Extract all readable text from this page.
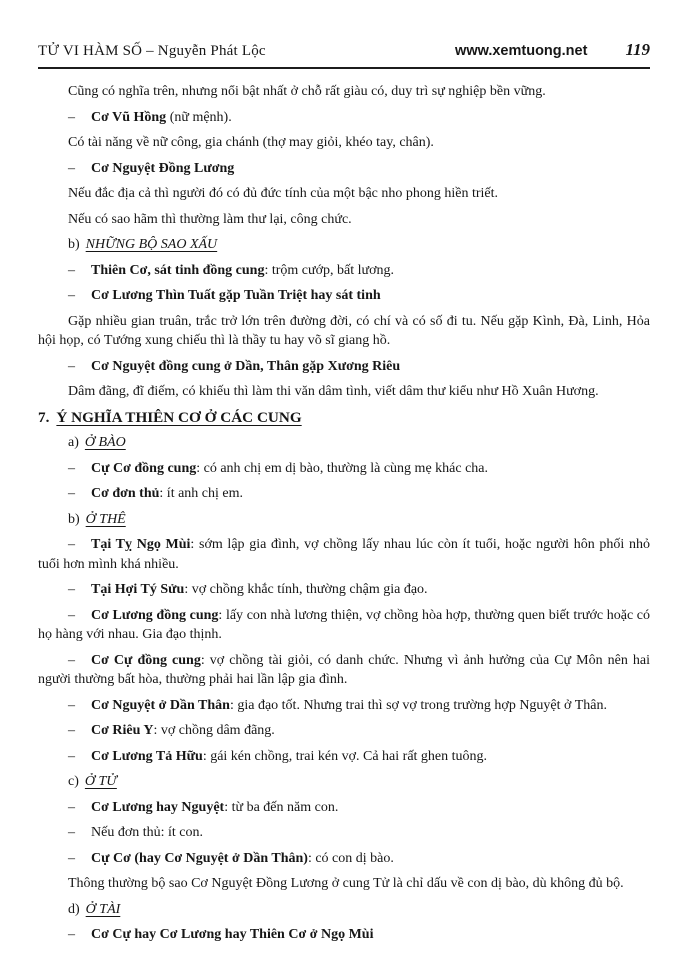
TỬ VI HÀM SỐ – Nguyễn Phát Lộc	www.xemtuong.net 119

Cũng có nghĩa trên, nhưng nổi bật nhất ở chỗ rất giàu có, duy trì sự nghiệp bền vững.

– Cơ Vũ Hồng (nữ mệnh).

Có tài năng về nữ công, gia chánh (thợ may giỏi, khéo tay, chân).

– Cơ Nguyệt Đồng Lương

Nếu đắc địa cả thì người đó có đủ đức tính của một bậc nho phong hiền triết.

Nếu có sao hãm thì thường làm thư lại, công chức.

b) NHỮNG BỘ SAO XẤU

– Thiên Cơ, sát tinh đồng cung: trộm cướp, bất lương.

– Cơ Lương Thìn Tuất gặp Tuần Triệt hay sát tinh

Gặp nhiều gian truân, trắc trở lớn trên đường đời, có chí và có số đi tu. Nếu gặp Kình, Đà, Linh, Hỏa hội họp, có Tướng xung chiếu thì là thầy tu hay võ sĩ giang hồ.

– Cơ Nguyệt đồng cung ở Dần, Thân gặp Xương Riêu

Dâm đãng, đĩ điếm, có khiếu thì làm thi văn dâm tình, viết dâm thư kiểu như Hồ Xuân Hương.

7. Ý NGHĨA THIÊN CƠ Ở CÁC CUNG

a) Ở BÀO

– Cự Cơ đồng cung: có anh chị em dị bào, thường là cùng mẹ khác cha.

– Cơ đơn thủ: ít anh chị em.

b) Ở THÊ

– Tại Tỵ Ngọ Mùi: sớm lập gia đình, vợ chồng lấy nhau lúc còn ít tuổi, hoặc người hôn phối nhỏ tuổi hơn mình khá nhiều.

– Tại Hợi Tý Sửu: vợ chồng khắc tính, thường chậm gia đạo.

– Cơ Lương đồng cung: lấy con nhà lương thiện, vợ chồng hòa hợp, thường quen biết trước hoặc có họ hàng với nhau. Gia đạo thịnh.

– Cơ Cự đồng cung: vợ chồng tài giỏi, có danh chức. Nhưng vì ảnh hưởng của Cự Môn nên hai người thường bất hòa, thường phải hai lần lập gia đình.

– Cơ Nguyệt ở Dần Thân: gia đạo tốt. Nhưng trai thì sợ vợ trong trường hợp Nguyệt ở Thân.

– Cơ Riêu Y: vợ chồng dâm đãng.

– Cơ Lương Tả Hữu: gái kén chồng, trai kén vợ. Cả hai rất ghen tuông.

c) Ở TỬ

– Cơ Lương hay Nguyệt: từ ba đến năm con.

– Nếu đơn thủ: ít con.

– Cự Cơ (hay Cơ Nguyệt ở Dần Thân): có con dị bào.

Thông thường bộ sao Cơ Nguyệt Đồng Lương ở cung Tử là chỉ dấu về con dị bào, dù không đủ bộ.

d) Ở TÀI

– Cơ Cự hay Cơ Lương hay Thiên Cơ ở Ngọ Mùi
